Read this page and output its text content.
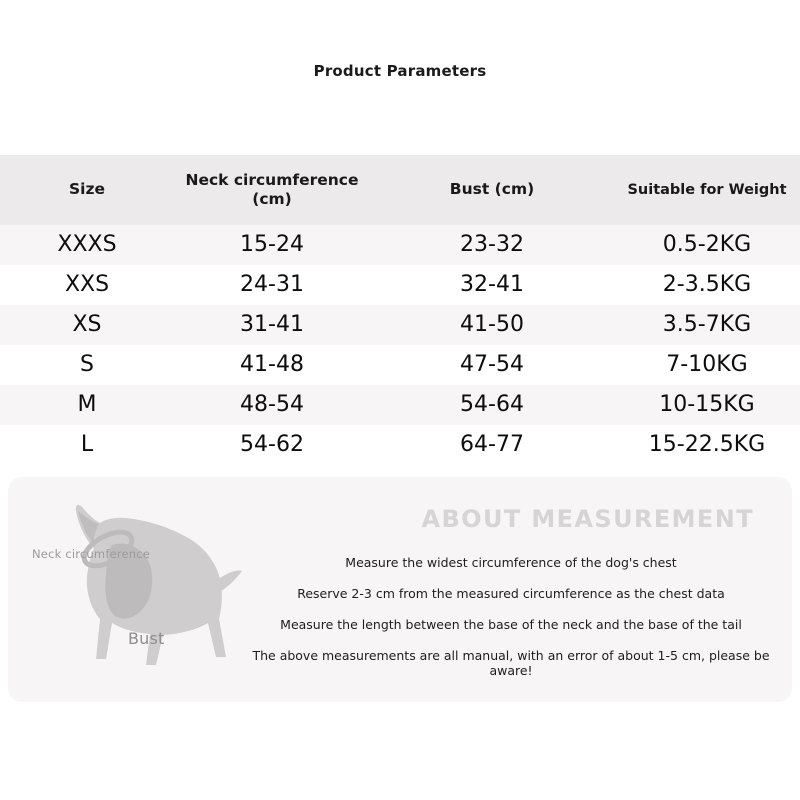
Product Parameters
Size	Neck circumference (cm)	Bust (cm)	Suitable for Weight
XXXS	15-24	23-32	0.5-2KG
XXS	24-31	32-41	2-3.5KG
XS	31-41	41-50	3.5-7KG
S	41-48	47-54	7-10KG
M	48-54	54-64	10-15KG
L	54-62	64-77	15-22.5KG
Neck circumference
Bust
ABOUT MEASUREMENT
Measure the widest circumference of the dog's chest
Reserve 2-3 cm from the measured circumference as the chest data
Measure the length between the base of the neck and the base of the tail
The above measurements are all manual, with an error of about 1-5 cm, please be aware!
